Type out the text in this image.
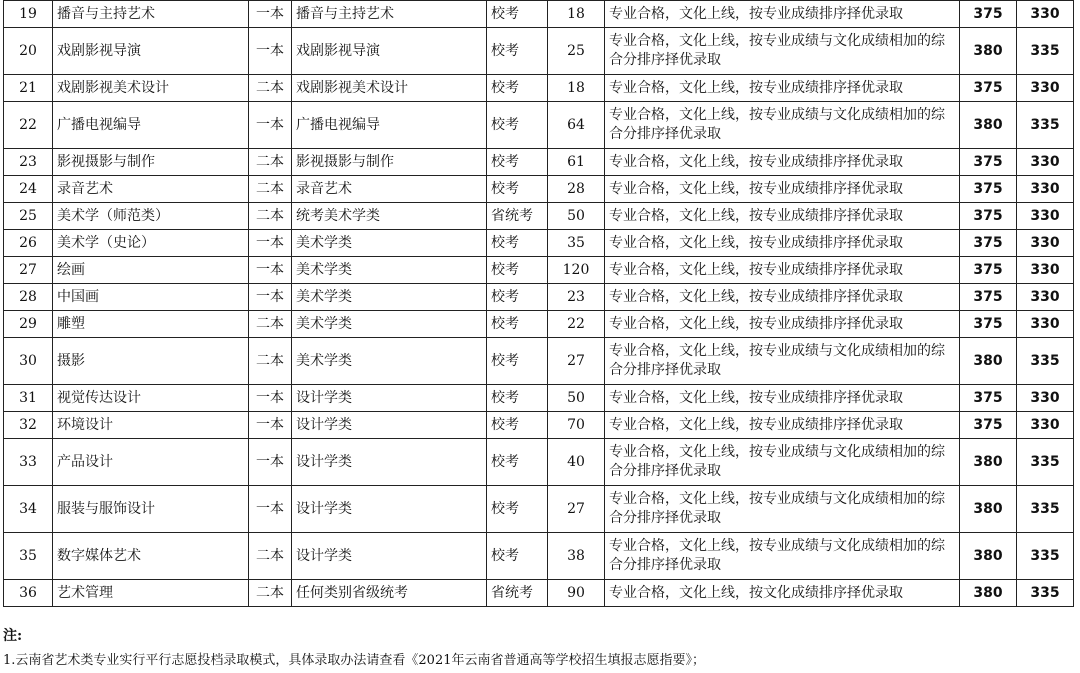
19	播音与主持艺术	一本	播音与主持艺术	校考	18	专业合格，文化上线，按专业成绩排序择优录取	375	330
20	戏剧影视导演	一本	戏剧影视导演	校考	25	专业合格，文化上线，按专业成绩与文化成绩相加的综合分排序择优录取	380	335
21	戏剧影视美术设计	二本	戏剧影视美术设计	校考	18	专业合格，文化上线，按专业成绩排序择优录取	375	330
22	广播电视编导	一本	广播电视编导	校考	64	专业合格，文化上线，按专业成绩与文化成绩相加的综合分排序择优录取	380	335
23	影视摄影与制作	二本	影视摄影与制作	校考	61	专业合格，文化上线，按专业成绩排序择优录取	375	330
24	录音艺术	二本	录音艺术	校考	28	专业合格，文化上线，按专业成绩排序择优录取	375	330
25	美术学（师范类）	二本	统考美术学类	省统考	50	专业合格，文化上线，按专业成绩排序择优录取	375	330
26	美术学（史论）	一本	美术学类	校考	35	专业合格，文化上线，按专业成绩排序择优录取	375	330
27	绘画	一本	美术学类	校考	120	专业合格，文化上线，按专业成绩排序择优录取	375	330
28	中国画	一本	美术学类	校考	23	专业合格，文化上线，按专业成绩排序择优录取	375	330
29	雕塑	二本	美术学类	校考	22	专业合格，文化上线，按专业成绩排序择优录取	375	330
30	摄影	二本	美术学类	校考	27	专业合格，文化上线，按专业成绩与文化成绩相加的综合分排序择优录取	380	335
31	视觉传达设计	一本	设计学类	校考	50	专业合格，文化上线，按专业成绩排序择优录取	375	330
32	环境设计	一本	设计学类	校考	70	专业合格，文化上线，按专业成绩排序择优录取	375	330
33	产品设计	一本	设计学类	校考	40	专业合格，文化上线，按专业成绩与文化成绩相加的综合分排序择优录取	380	335
34	服装与服饰设计	一本	设计学类	校考	27	专业合格，文化上线，按专业成绩与文化成绩相加的综合分排序择优录取	380	335
35	数字媒体艺术	二本	设计学类	校考	38	专业合格，文化上线，按专业成绩与文化成绩相加的综合分排序择优录取	380	335
36	艺术管理	二本	任何类别省级统考	省统考	90	专业合格，文化上线，按文化成绩排序择优录取	380	335
注:
1.云南省艺术类专业实行平行志愿投档录取模式，具体录取办法请查看《2021年云南省普通高等学校招生填报志愿指要》；
